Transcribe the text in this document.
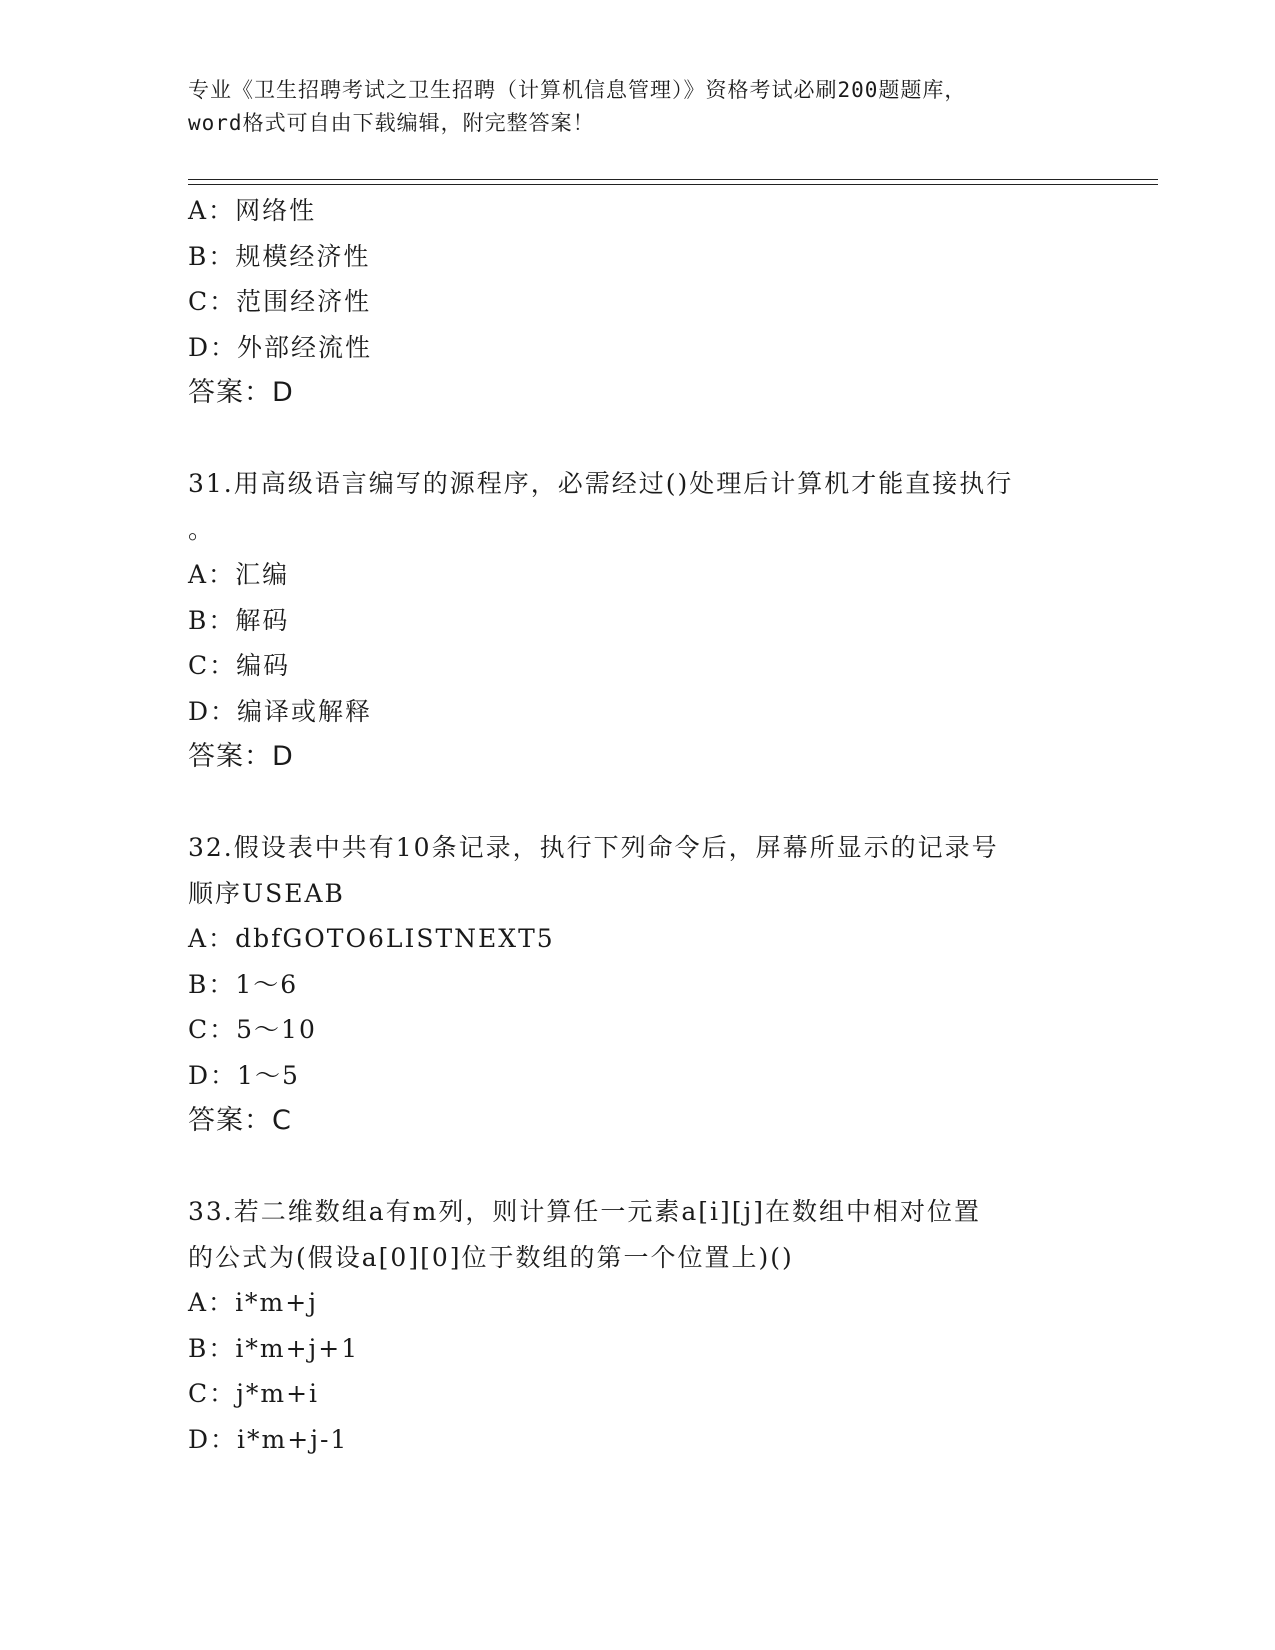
专业《卫生招聘考试之卫生招聘（计算机信息管理）》资格考试必刷200题题库，
word格式可自由下载编辑，附完整答案！
A：网络性
B：规模经济性
C：范围经济性
D：外部经流性
答案：D
31.用高级语言编写的源程序，必需经过()处理后计算机才能直接执行
。
A：汇编
B：解码
C：编码
D：编译或解释
答案：D
32.假设表中共有10条记录，执行下列命令后，屏幕所显示的记录号
顺序USEAB
A：dbfGOTO6LISTNEXT5
B：1～6
C：5～10
D：1～5
答案：C
33.若二维数组a有m列，则计算任一元素a[i][j]在数组中相对位置
的公式为(假设a[0][0]位于数组的第一个位置上)()
A：i*m+j
B：i*m+j+1
C：j*m+i
D：i*m+j-1
